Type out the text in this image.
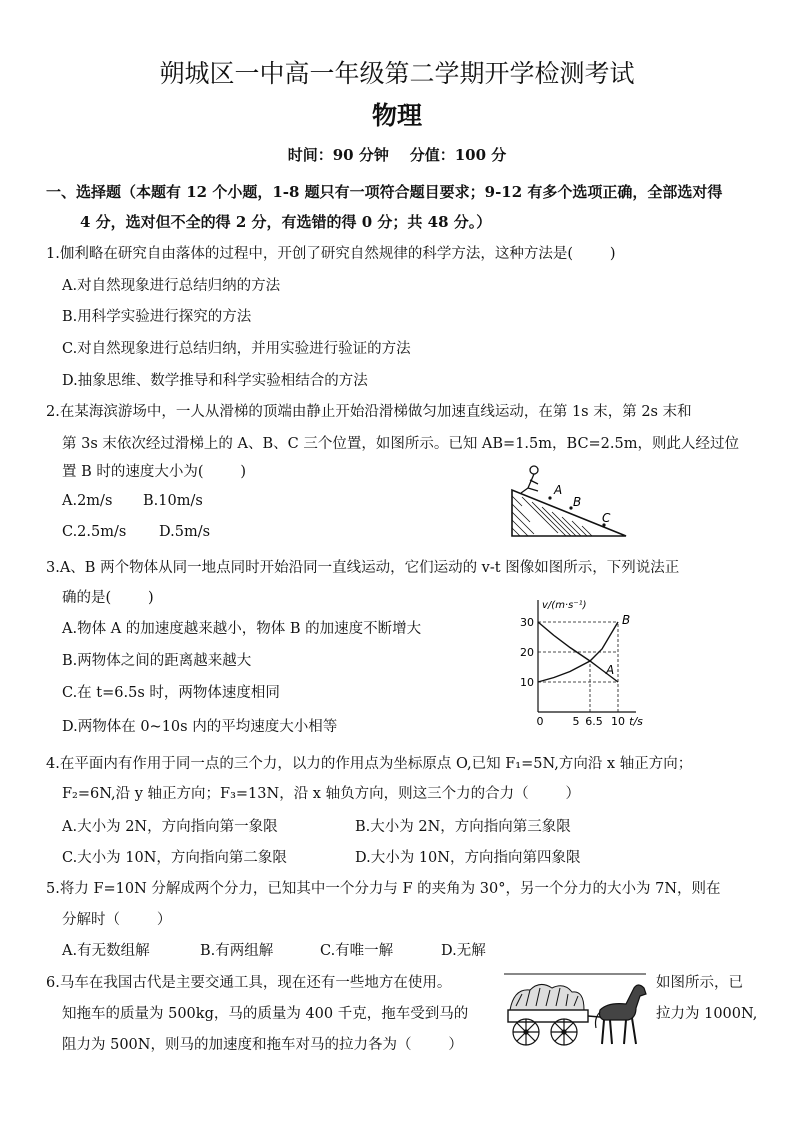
朔城区一中高一年级第二学期开学检测考试
物理
时间：90 分钟    分值：100 分
一、选择题（本题有 12 个小题，1-8 题只有一项符合题目要求；9-12 有多个选项正确，全部选对得
4 分，选对但不全的得 2 分，有选错的得 0 分；共 48 分。）
1.伽利略在研究自由落体的过程中，开创了研究自然规律的科学方法，这种方法是(        )
A.对自然现象进行总结归纳的方法
B.用科学实验进行探究的方法
C.对自然现象进行总结归纳，并用实验进行验证的方法
D.抽象思维、数学推导和科学实验相结合的方法
2.在某海滨游场中，一人从滑梯的顶端由静止开始沿滑梯做匀加速直线运动，在第 1s 末，第 2s 末和
第 3s 末依次经过滑梯上的 A、B、C 三个位置，如图所示。已知 AB=1.5m，BC=2.5m，则此人经过位
置 B 时的速度大小为(        )
A.2m/s B.10m/s
C.2.5m/s D.5m/s
A
B
C
3.A、B 两个物体从同一地点同时开始沿同一直线运动，它们运动的 v-t 图像如图所示，下列说法正
确的是(        )
A.物体 A 的加速度越来越小，物体 B 的加速度不断增大
B.两物体之间的距离越来越大
C.在 t=6.5s 时，两物体速度相同
D.两物体在 0~10s 内的平均速度大小相等
10
20
30
v/(m·s⁻¹)
0	5 6.5 10 t/s
B
A
4.在平面内有作用于同一点的三个力，以力的作用点为坐标原点 O,已知 F₁=5N,方向沿 x 轴正方向；
F₂=6N,沿 y 轴正方向；F₃=13N，沿 x 轴负方向，则这三个力的合力（        ）
A.大小为 2N，方向指向第一象限	B.大小为 2N，方向指向第三象限
C.大小为 10N，方向指向第二象限	D.大小为 10N，方向指向第四象限
5.将力 F=10N 分解成两个分力，已知其中一个分力与 F 的夹角为 30°，另一个分力的大小为 7N，则在
分解时（        ）
A.有无数组解	B.有两组解	C.有唯一解	D.无解
6.马车在我国古代是主要交通工具，现在还有一些地方在使用。	如图所示，已
知拖车的质量为 500kg，马的质量为 400 千克，拖车受到马的	拉力为 1000N,
阻力为 500N，则马的加速度和拖车对马的拉力各为（        ）
